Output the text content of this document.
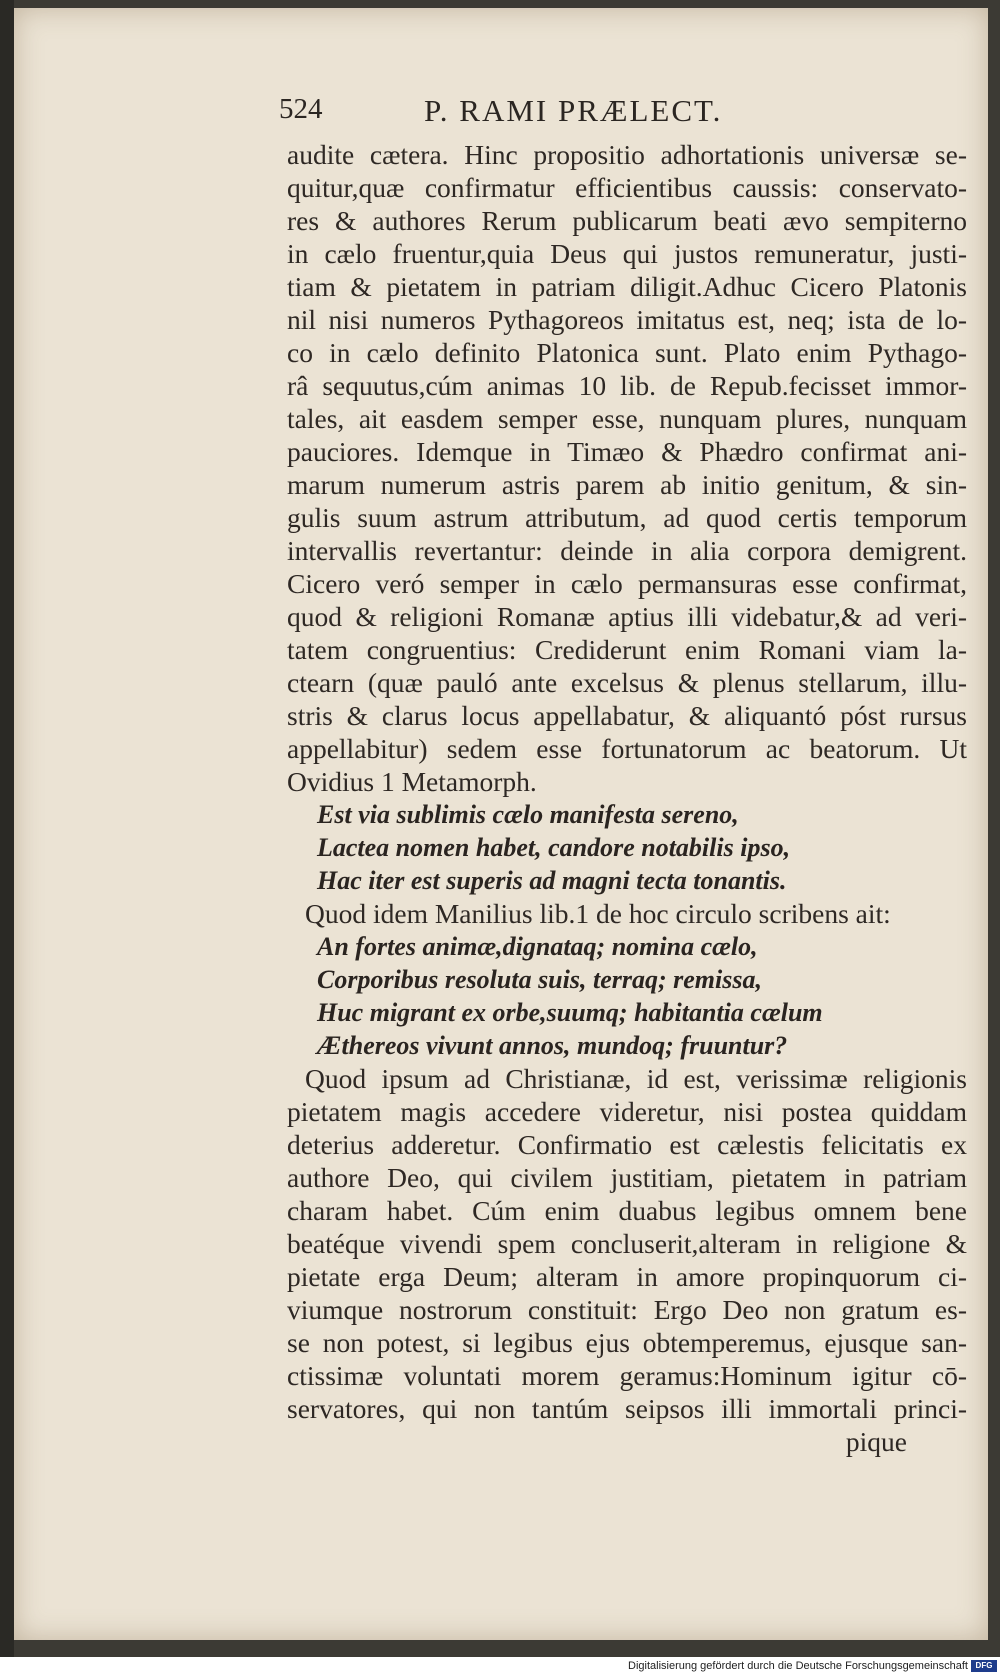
524	P. RAMI PRÆLECT.
audite cætera. Hinc propositio adhortationis universæ se-
quitur,quæ confirmatur efficientibus caussis: conservato-
res & authores Rerum publicarum beati ævo sempiterno
in cælo fruentur,quia Deus qui justos remuneratur, justi-
tiam & pietatem in patriam diligit.Adhuc Cicero Platonis
nil nisi numeros Pythagoreos imitatus est, neq; ista de lo-
co in cælo definito Platonica sunt. Plato enim Pythago-
râ sequutus,cúm animas 10 lib. de Repub.fecisset immor-
tales, ait easdem semper esse, nunquam plures, nunquam
pauciores. Idemque in Timæo & Phædro confirmat ani-
marum numerum astris parem ab initio genitum, & sin-
gulis suum astrum attributum, ad quod certis temporum
intervallis revertantur: deinde in alia corpora demigrent.
Cicero veró semper in cælo permansuras esse confirmat,
quod & religioni Romanæ aptius illi videbatur,& ad veri-
tatem congruentius: Crediderunt enim Romani viam la-
ctearn (quæ pauló ante excelsus & plenus stellarum, illu-
stris & clarus locus appellabatur, & aliquantó póst rursus
appellabitur) sedem esse fortunatorum ac beatorum. Ut
Ovidius 1 Metamorph.
Est via sublimis cælo manifesta sereno,
Lactea nomen habet, candore notabilis ipso,
Hac iter est superis ad magni tecta tonantis.
Quod idem Manilius lib.1 de hoc circulo scribens ait:
An fortes animæ,dignataq; nomina cælo,
Corporibus resoluta suis, terraq; remissa,
Huc migrant ex orbe,suumq; habitantia cælum
Æthereos vivunt annos, mundoq; fruuntur?
Quod ipsum ad Christianæ, id est, verissimæ religionis
pietatem magis accedere videretur, nisi postea quiddam
deterius adderetur. Confirmatio est cælestis felicitatis ex
authore Deo, qui civilem justitiam, pietatem in patriam
charam habet. Cúm enim duabus legibus omnem bene
beatéque vivendi spem concluserit,alteram in religione &
pietate erga Deum; alteram in amore propinquorum ci-
viumque nostrorum constituit: Ergo Deo non gratum es-
se non potest, si legibus ejus obtemperemus, ejusque san-
ctissimæ voluntati morem geramus:Hominum igitur cō-
servatores, qui non tantúm seipsos illi immortali princi-
pique
Digitalisierung gefördert durch die Deutsche Forschungsgemeinschaft DFG
